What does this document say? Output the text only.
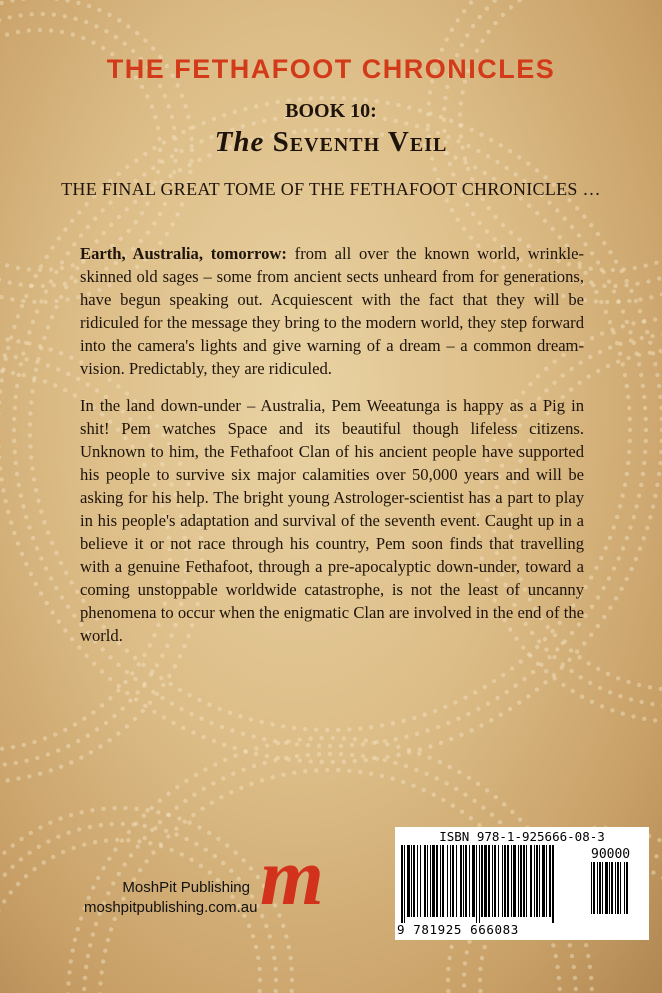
THE FETHAFOOT CHRONICLES
BOOK 10:
The Seventh Veil

THE FINAL GREAT TOME OF THE FETHAFOOT CHRONICLES …

Earth, Australia, tomorrow: from all over the known world, wrinkle-skinned old sages – some from ancient sects unheard from for generations, have begun speaking out. Acquiescent with the fact that they will be ridiculed for the message they bring to the modern world, they step forward into the camera's lights and give warning of a dream – a common dream-vision. Predictably, they are ridiculed.

In the land down-under – Australia, Pem Weeatunga is happy as a Pig in shit! Pem watches Space and its beautiful though lifeless citizens. Unknown to him, the Fethafoot Clan of his ancient people have supported his people to survive six major calamities over 50,000 years and will be asking for his help. The bright young Astrologer-scientist has a part to play in his people's adaptation and survival of the seventh event. Caught up in a believe it or not race through his country, Pem soon finds that travelling with a genuine Fethafoot, through a pre-apocalyptic down-under, toward a coming unstoppable worldwide catastrophe, is not the least of uncanny phenomena to occur when the enigmatic Clan are involved in the end of the world.

MoshPit Publishing
moshpitpublishing.com.au m	ISBN 978-1-925666-08-3
90000
9 781925 666083
